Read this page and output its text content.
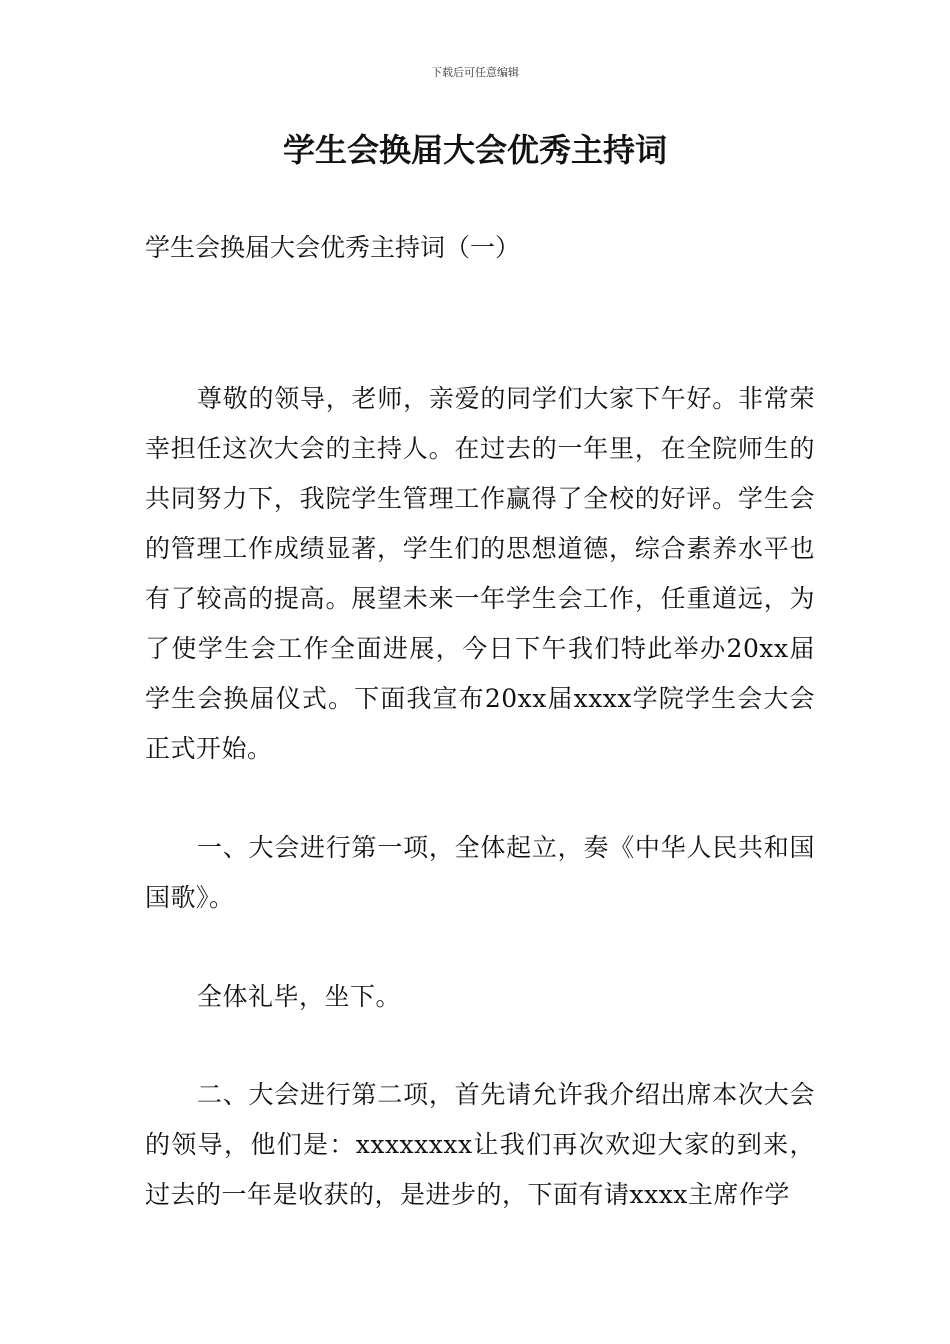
下载后可任意编辑
学生会换届大会优秀主持词

学生会换届大会优秀主持词（一）

尊敬的领导，老师，亲爱的同学们大家下午好。非常荣幸担任这次大会的主持人。在过去的一年里，在全院师生的共同努力下，我院学生管理工作赢得了全校的好评。学生会的管理工作成绩显著，学生们的思想道德，综合素养水平也有了较高的提高。展望未来一年学生会工作，任重道远，为了使学生会工作全面进展，今日下午我们特此举办20xx届学生会换届仪式。下面我宣布20xx届xxxx学院学生会大会正式开始。

一、大会进行第一项，全体起立，奏《中华人民共和国国歌》。

全体礼毕，坐下。

二、大会进行第二项，首先请允许我介绍出席本次大会的领导，他们是：xxxxxxxx让我们再次欢迎大家的到来，过去的一年是收获的，是进步的，下面有请xxxx主席作学
